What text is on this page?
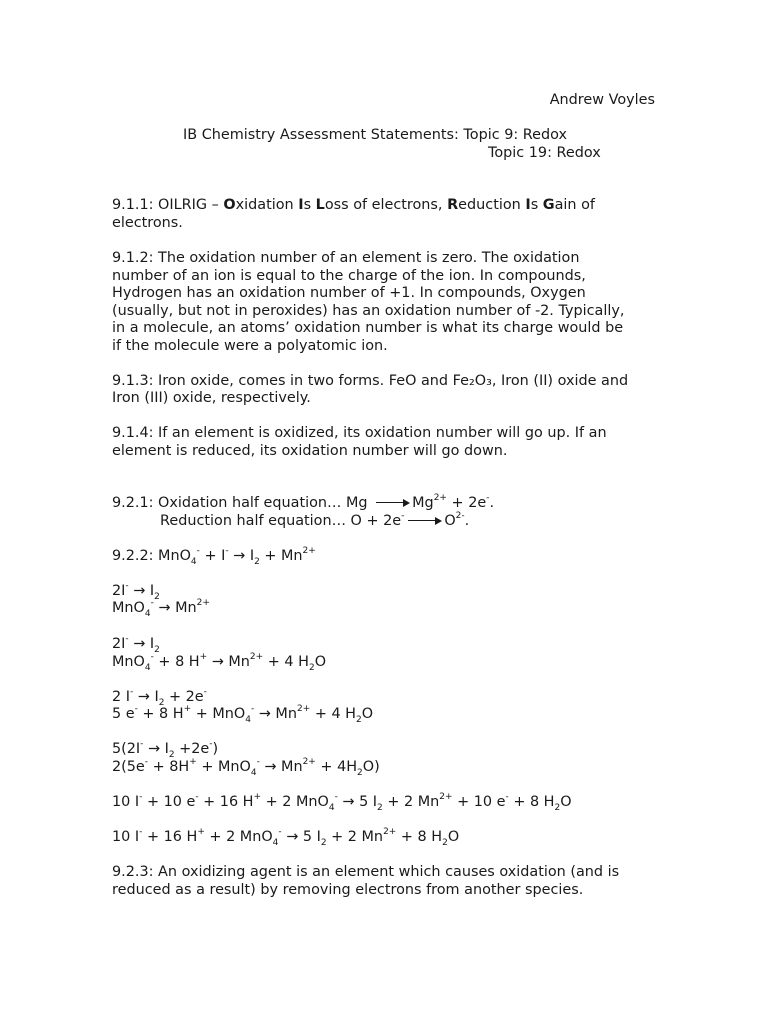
Andrew Voyles
IB Chemistry Assessment Statements: Topic 9: Redox
Topic 19: Redox
9.1.1: OILRIG – Oxidation Is Loss of electrons, Reduction Is Gain of
electrons.
9.1.2: The oxidation number of an element is zero. The oxidation
number of an ion is equal to the charge of the ion. In compounds,
Hydrogen has an oxidation number of +1. In compounds, Oxygen
(usually, but not in peroxides) has an oxidation number of -2. Typically,
in a molecule, an atoms’ oxidation number is what its charge would be
if the molecule were a polyatomic ion.
9.1.3: Iron oxide, comes in two forms. FeO and Fe₂O₃, Iron (II) oxide and
Iron (III) oxide, respectively.
9.1.4: If an element is oxidized, its oxidation number will go up. If an
element is reduced, its oxidation number will go down.
9.2.1: Oxidation half equation… Mg	$Mg^{2+} + 2e^-$.
Reduction half equation… O + 2e-	$O^{2-}$.
9.2.2: $MnO_4^- + I^- \to I_2 + Mn^{2+}$
$2I^- \to I_2$
$MnO_4^- \to Mn^{2+}$
$2I^- \to I_2$
MnO$_4$- + 8 $H^+ \to Mn^{2+} + 4$ $H_2O$
2 $I^- \to I_2 + 2e^-$
5 e- + 8 $H^+ + MnO_4^- \to Mn^{2+} + 4$ $H_2O$
$5(2I^- \to I_2 +2e^-)$
$2(5e^- + 8H^+ + MnO_4^- \to Mn^{2+} + 4H_2O)$
10 I- + 10 e- + 16 H+ + 2 MnO$_4$- → 5 $I_2 + 2$ $Mn^{2+} + 10$ e- + 8 $H_2O$
10 I- + 16 H+ + 2 MnO$_4$- → 5 $I_2 + 2$ $Mn^{2+} + 8$ $H_2O$
9.2.3: An oxidizing agent is an element which causes oxidation (and is
reduced as a result) by removing electrons from another species.
